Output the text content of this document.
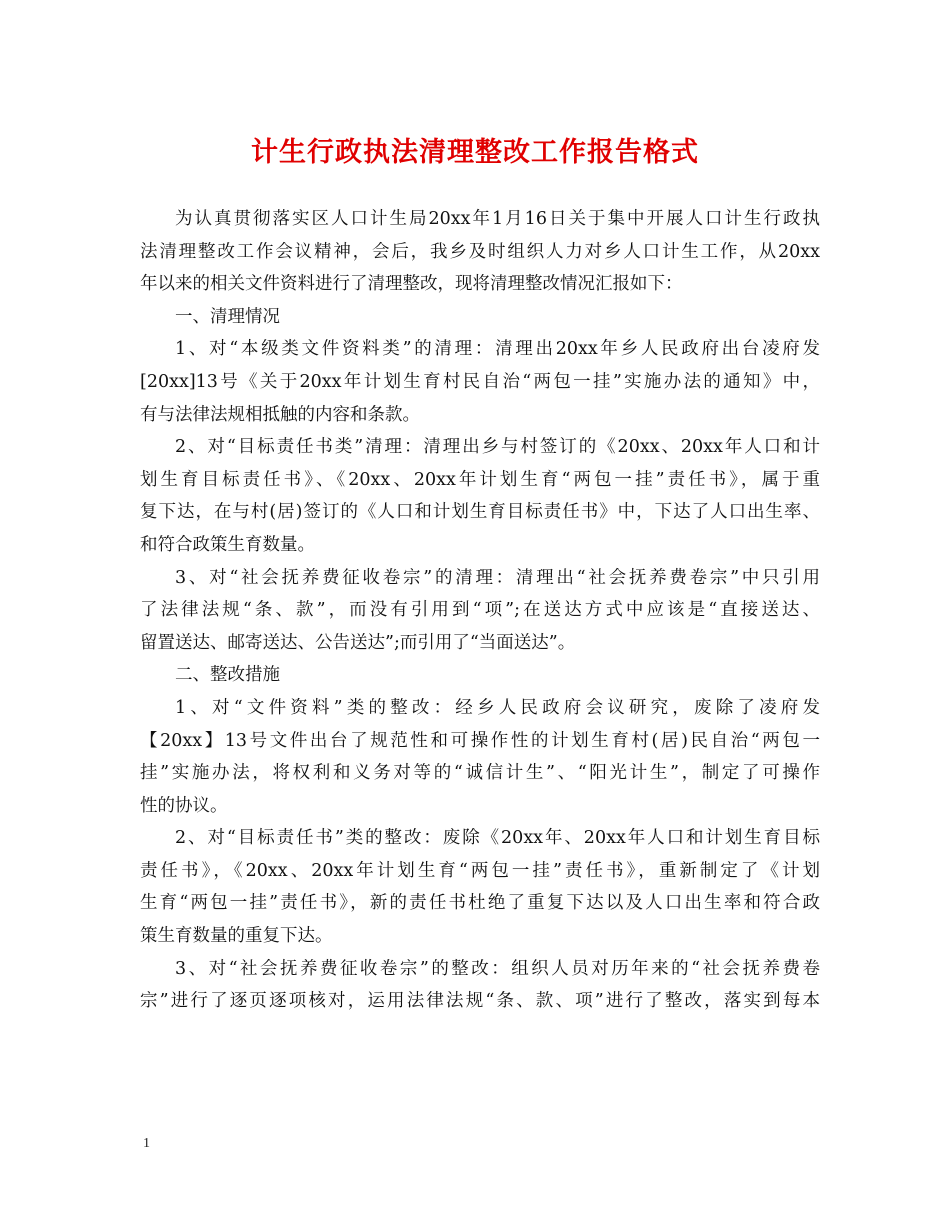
计生行政执法清理整改工作报告格式
为认真贯彻落实区人口计生局20xx年1月16日关于集中开展人口计生行政执
法清理整改工作会议精神，会后，我乡及时组织人力对乡人口计生工作，从20xx
年以来的相关文件资料进行了清理整改，现将清理整改情况汇报如下：
一、清理情况
1、对“本级类文件资料类”的清理：清理出20xx年乡人民政府出台凌府发
[20xx]13号《关于20xx年计划生育村民自治“两包一挂”实施办法的通知》中，
有与法律法规相抵触的内容和条款。
2、对“目标责任书类”清理：清理出乡与村签订的《20xx、20xx年人口和计
划生育目标责任书》、《20xx、20xx年计划生育“两包一挂”责任书》，属于重
复下达，在与村(居)签订的《人口和计划生育目标责任书》中，下达了人口出生率、
和符合政策生育数量。
3、对“社会抚养费征收卷宗”的清理：清理出“社会抚养费卷宗”中只引用
了法律法规“条、款”，而没有引用到“项”;在送达方式中应该是“直接送达、
留置送达、邮寄送达、公告送达”;而引用了“当面送达”。
二、整改措施
1、对“文件资料”类的整改：经乡人民政府会议研究，废除了凌府发
【20xx】13号文件出台了规范性和可操作性的计划生育村(居)民自治“两包一
挂”实施办法，将权利和义务对等的“诚信计生”、“阳光计生”，制定了可操作
性的协议。
2、对“目标责任书”类的整改：废除《20xx年、20xx年人口和计划生育目标
责任书》，《20xx、20xx年计划生育“两包一挂”责任书》，重新制定了《计划
生育“两包一挂”责任书》，新的责任书杜绝了重复下达以及人口出生率和符合政
策生育数量的重复下达。
3、对“社会抚养费征收卷宗”的整改：组织人员对历年来的“社会抚养费卷
宗”进行了逐页逐项核对，运用法律法规“条、款、项”进行了整改，落实到每本
1
